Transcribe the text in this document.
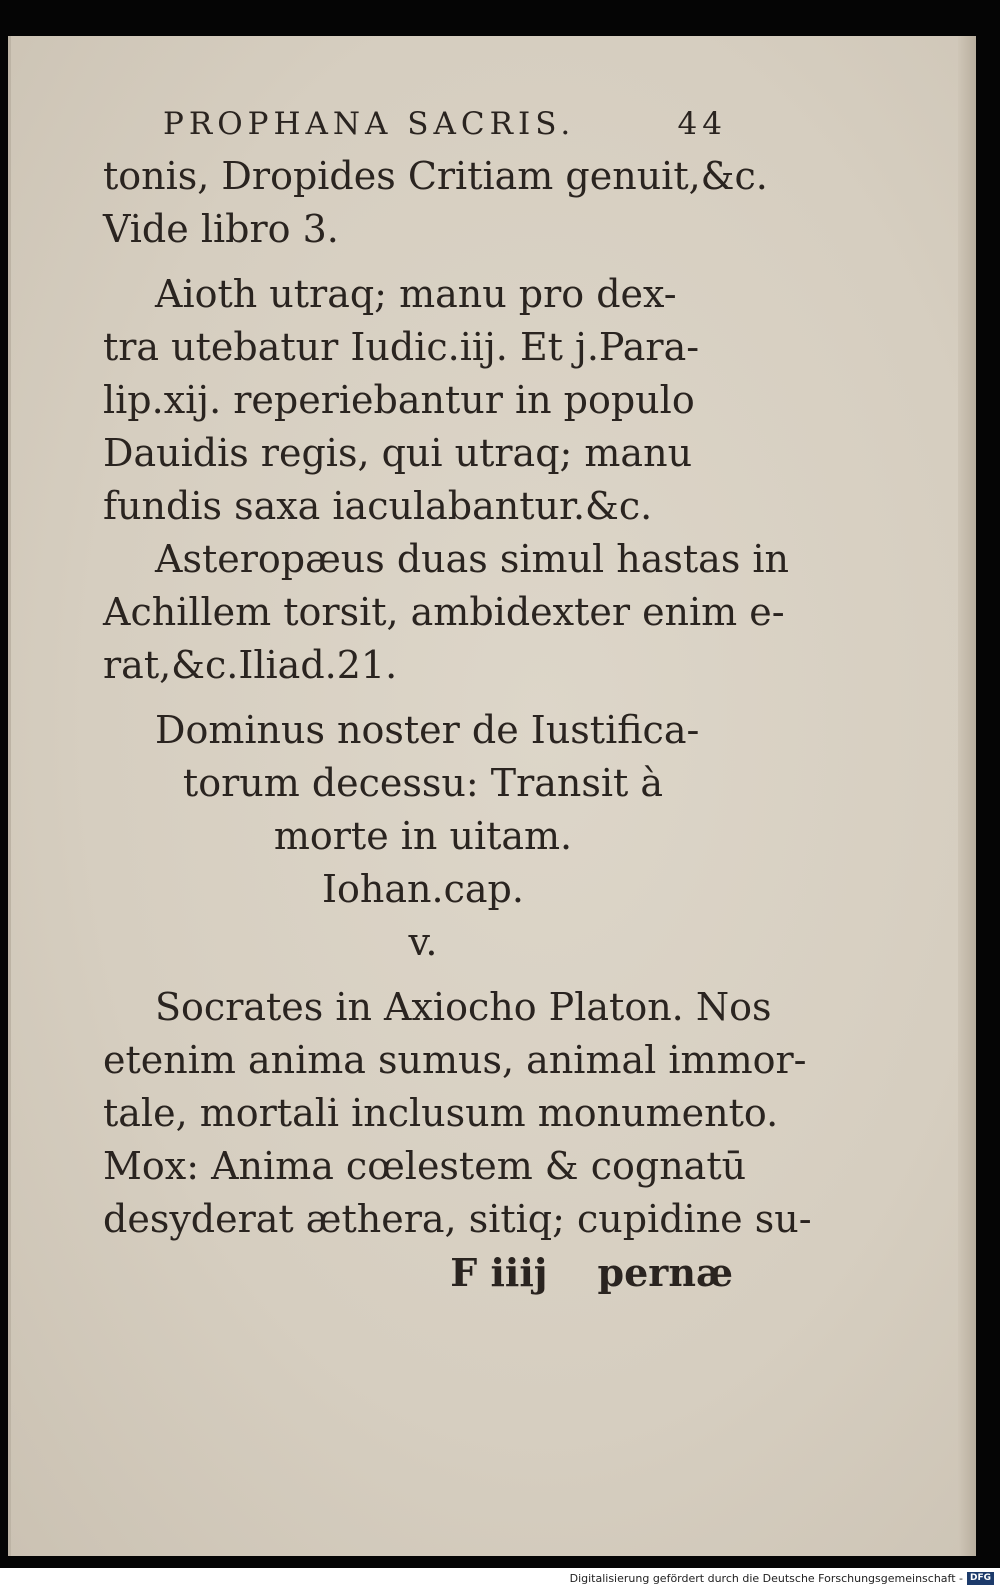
PROPHANA SACRIS.	44
tonis, Dropides Critiam genuit,&c.
Vide libro 3.
Aioth utraq; manu pro dex-
tra utebatur Iudic.iij. Et j.Para-
lip.xij. reperiebantur in populo
Dauidis regis, qui utraq; manu
fundis saxa iaculabantur.&c.
Asteropæus duas simul hastas in
Achillem torsit, ambidexter enim e-
rat,&c.Iliad.21.
Dominus noster de Iustifica-
torum decessu: Transit à
morte in uitam.
Iohan.cap.
v.
Socrates in Axiocho Platon. Nos
etenim anima sumus, animal immor-
tale, mortali inclusum monumento.
Mox: Anima cœlestem & cognatū
desyderat æthera, sitiq; cupidine su-
F iiij pernæ
Digitalisierung gefördert durch die Deutsche Forschungsgemeinschaft - DFG
